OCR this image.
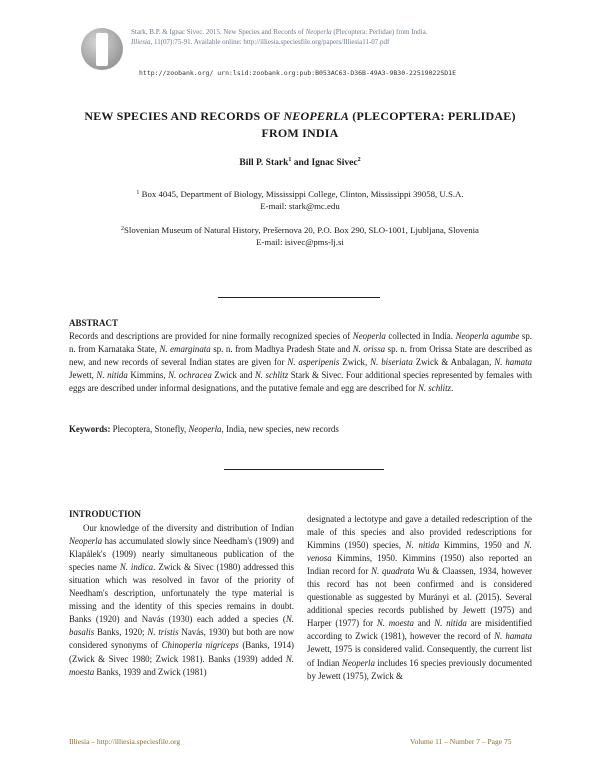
Stark, B.P. & Ignac Sivec. 2015. New Species and Records of Neoperla (Plecoptera: Perlidae) from India.
Illiesia, 11(07):75-91. Available online: http://illiesia.speciesfile.org/papers/Illiesia11-07.pdf
http://zoobank.org/ urn:lsid:zoobank.org:pub:B053AC63-D36B-49A3-9B30-22519022SD1E
NEW SPECIES AND RECORDS OF NEOPERLA (PLECOPTERA: PERLIDAE)
FROM INDIA
Bill P. Stark$^1$ and Ignac Sivec$^2$
$^1$ Box 4045, Department of Biology, Mississippi College, Clinton, Mississippi 39058, U.S.A.
E-mail: stark@mc.edu
$^2$Slovenian Museum of Natural History, Prešernova 20, P.O. Box 290, SLO-1001, Ljubljana, Slovenia
E-mail: isivec@pms-lj.si
ABSTRACT
Records and descriptions are provided for nine formally recognized species of Neoperla collected in India. Neoperla agumbe sp. n. from Karnataka State, N. emarginata sp. n. from Madhya Pradesh State and N. orissa sp. n. from Orissa State are described as new, and new records of several Indian states are given for N. asperipenis Zwick, N. biseriata Zwick & Anbalagan, N. hamata Jewett, N. nitida Kimmins, N. ochracea Zwick and N. schlitz Stark & Sivec. Four additional species represented by females with eggs are described under informal designations, and the putative female and egg are described for N. schlitz.
Keywords: Plecoptera, Stonefly, Neoperla, India, new species, new records
INTRODUCTION
Our knowledge of the diversity and distribution of Indian Neoperla has accumulated slowly since Needham's (1909) and Klapálek's (1909) nearly simultaneous publication of the species name N. indica. Zwick & Sivec (1980) addressed this situation which was resolved in favor of the priority of Needham's description, unfortunately the type material is missing and the identity of this species remains in doubt. Banks (1920) and Navás (1930) each added a species (N. basalis Banks, 1920; N. tristis Navás, 1930) but both are now considered synonyms of Chinoperla nigriceps (Banks, 1914) (Zwick & Sivec 1980; Zwick 1981). Banks (1939) added N. moesta Banks, 1939 and Zwick (1981)
designated a lectotype and gave a detailed redescription of the male of this species and also provided redescriptions for Kimmins (1950) species, N. nitida Kimmins, 1950 and N. venosa Kimmins, 1950. Kimmins (1950) also reported an Indian record for N. quadrata Wu & Claassen, 1934, however this record has not been confirmed and is considered questionable as suggested by Murányi et al. (2015). Several additional species records published by Jewett (1975) and Harper (1977) for N. moesta and N. nitida are misidentified according to Zwick (1981), however the record of N. hamata Jewett, 1975 is considered valid. Consequently, the current list of Indian Neoperla includes 16 species previously documented by Jewett (1975), Zwick &
Illiesia – http://illiesia.speciesfile.org	Volume 11 – Number 7 – Page 75
